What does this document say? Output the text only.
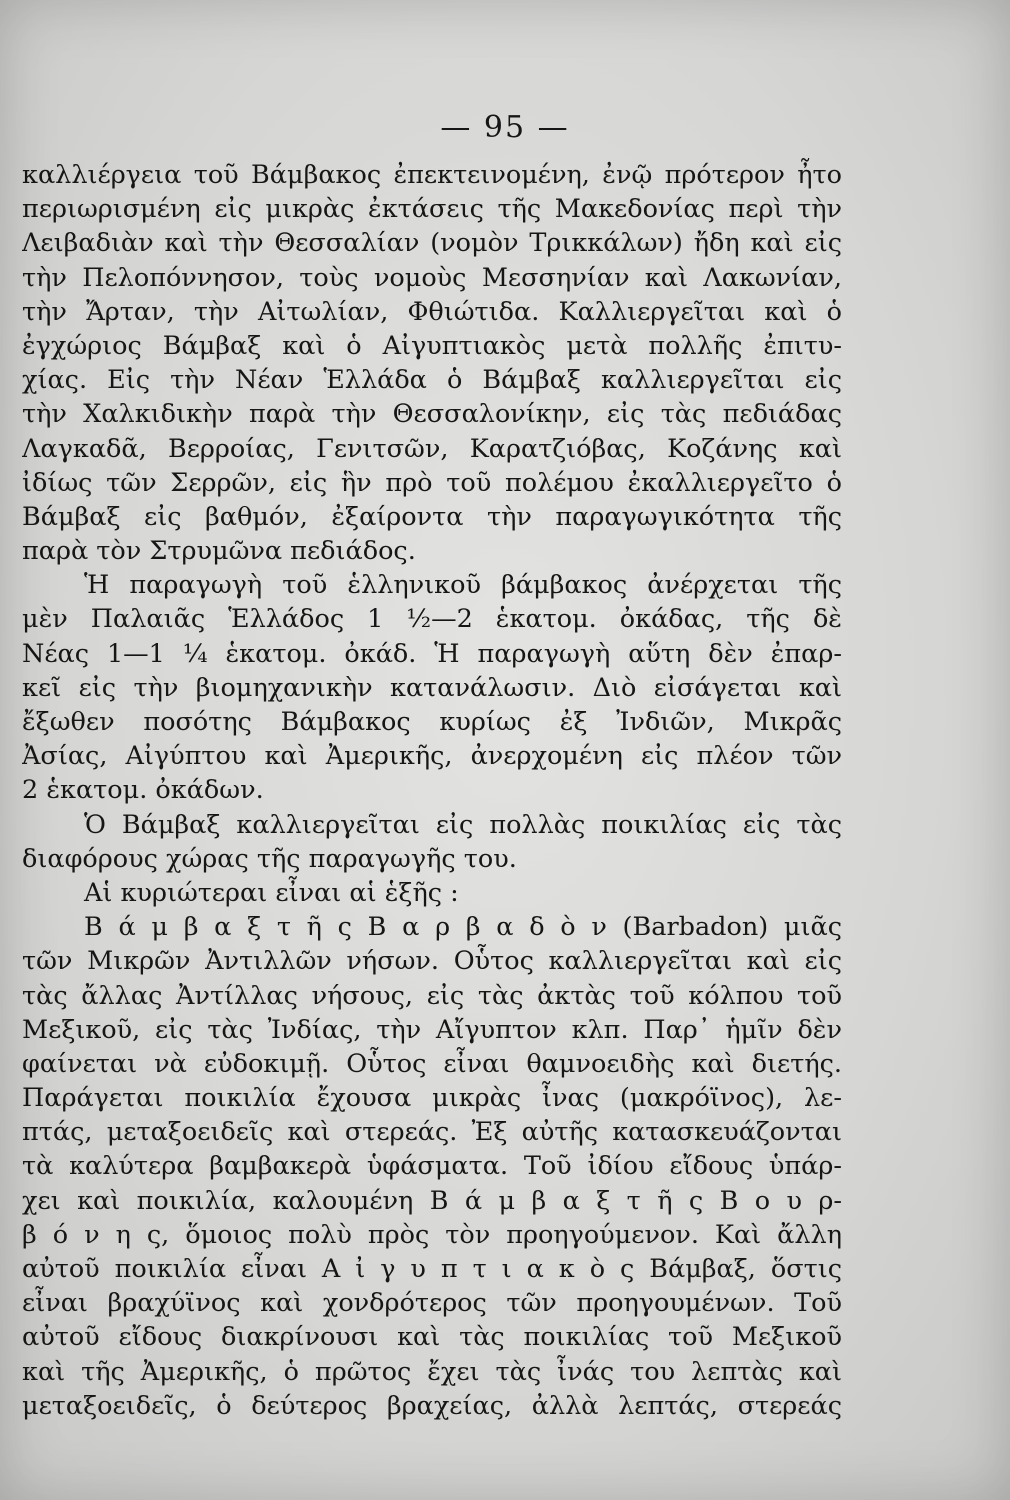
— 95 —
καλλιέργεια τοῦ Βάμβακος ἐπεκτεινομένη, ἐνῷ πρότερον ἦτο
περιωρισμένη εἰς μικρὰς ἐκτάσεις τῆς Μακεδονίας περὶ τὴν
Λειβαδιὰν καὶ τὴν Θεσσαλίαν (νομὸν Τρικκάλων) ἤδη καὶ εἰς
τὴν Πελοπόννησον, τοὺς νομοὺς Μεσσηνίαν καὶ Λακωνίαν,
τὴν Ἄρταν, τὴν Αἰτωλίαν, Φθιώτιδα. Καλλιεργεῖται καὶ ὁ
ἐγχώριος Βάμβαξ καὶ ὁ Αἰγυπτιακὸς μετὰ πολλῆς ἐπιτυ-
χίας. Εἰς τὴν Νέαν Ἑλλάδα ὁ Βάμβαξ καλλιεργεῖται εἰς
τὴν Χαλκιδικὴν παρὰ τὴν Θεσσαλονίκην, εἰς τὰς πεδιάδας
Λαγκαδᾶ, Βερροίας, Γενιτσῶν, Καρατζιόβας, Κοζάνης καὶ
ἰδίως τῶν Σερρῶν, εἰς ἣν πρὸ τοῦ πολέμου ἐκαλλιεργεῖτο ὁ
Βάμβαξ εἰς βαθμόν, ἐξαίροντα τὴν παραγωγικότητα τῆς
παρὰ τὸν Στρυμῶνα πεδιάδος.
Ἡ παραγωγὴ τοῦ ἑλληνικοῦ βάμβακος ἀνέρχεται τῆς
μὲν Παλαιᾶς Ἑλλάδος 1 ½—2 ἑκατομ. ὀκάδας, τῆς δὲ
Νέας 1—1 ¼ ἑκατομ. ὀκάδ. Ἡ παραγωγὴ αὕτη δὲν ἐπαρ-
κεῖ εἰς τὴν βιομηχανικὴν κατανάλωσιν. Διὸ εἰσάγεται καὶ
ἔξωθεν ποσότης Βάμβακος κυρίως ἐξ Ἰνδιῶν, Μικρᾶς
Ἀσίας, Αἰγύπτου καὶ Ἀμερικῆς, ἀνερχομένη εἰς πλέον τῶν
2 ἑκατομ. ὀκάδων.
Ὁ Βάμβαξ καλλιεργεῖται εἰς πολλὰς ποικιλίας εἰς τὰς
διαφόρους χώρας τῆς παραγωγῆς του.
Αἱ κυριώτεραι εἶναι αἱ ἑξῆς :
Β ά μ β α ξ τ ῆ ς Β α ρ β α δ ὸ ν (Barbadon) μιᾶς
τῶν Μικρῶν Ἀντιλλῶν νήσων. Οὗτος καλλιεργεῖται καὶ εἰς
τὰς ἄλλας Ἀντίλλας νήσους, εἰς τὰς ἀκτὰς τοῦ κόλπου τοῦ
Μεξικοῦ, εἰς τὰς Ἰνδίας, τὴν Αἴγυπτον κλπ. Παρ᾿ ἡμῖν δὲν
φαίνεται νὰ εὐδοκιμῇ. Οὗτος εἶναι θαμνοειδὴς καὶ διετής.
Παράγεται ποικιλία ἔχουσα μικρὰς ἶνας (μακρόϊνος), λε-
πτάς, μεταξοειδεῖς καὶ στερεάς. Ἐξ αὐτῆς κατασκευάζονται
τὰ καλύτερα βαμβακερὰ ὑφάσματα. Τοῦ ἰδίου εἴδους ὑπάρ-
χει καὶ ποικιλία, καλουμένη Β ά μ β α ξ τ ῆ ς Β ο υ ρ-
β ό ν η ς, ὅμοιος πολὺ πρὸς τὸν προηγούμενον. Καὶ ἄλλη
αὐτοῦ ποικιλία εἶναι Α ἰ γ υ π τ ι α κ ὸ ς Βάμβαξ, ὅστις
εἶναι βραχύϊνος καὶ χονδρότερος τῶν προηγουμένων. Τοῦ
αὐτοῦ εἴδους διακρίνουσι καὶ τὰς ποικιλίας τοῦ Μεξικοῦ
καὶ τῆς Ἀμερικῆς, ὁ πρῶτος ἔχει τὰς ἶνάς του λεπτὰς καὶ
μεταξοειδεῖς, ὁ δεύτερος βραχείας, ἀλλὰ λεπτάς, στερεάς
